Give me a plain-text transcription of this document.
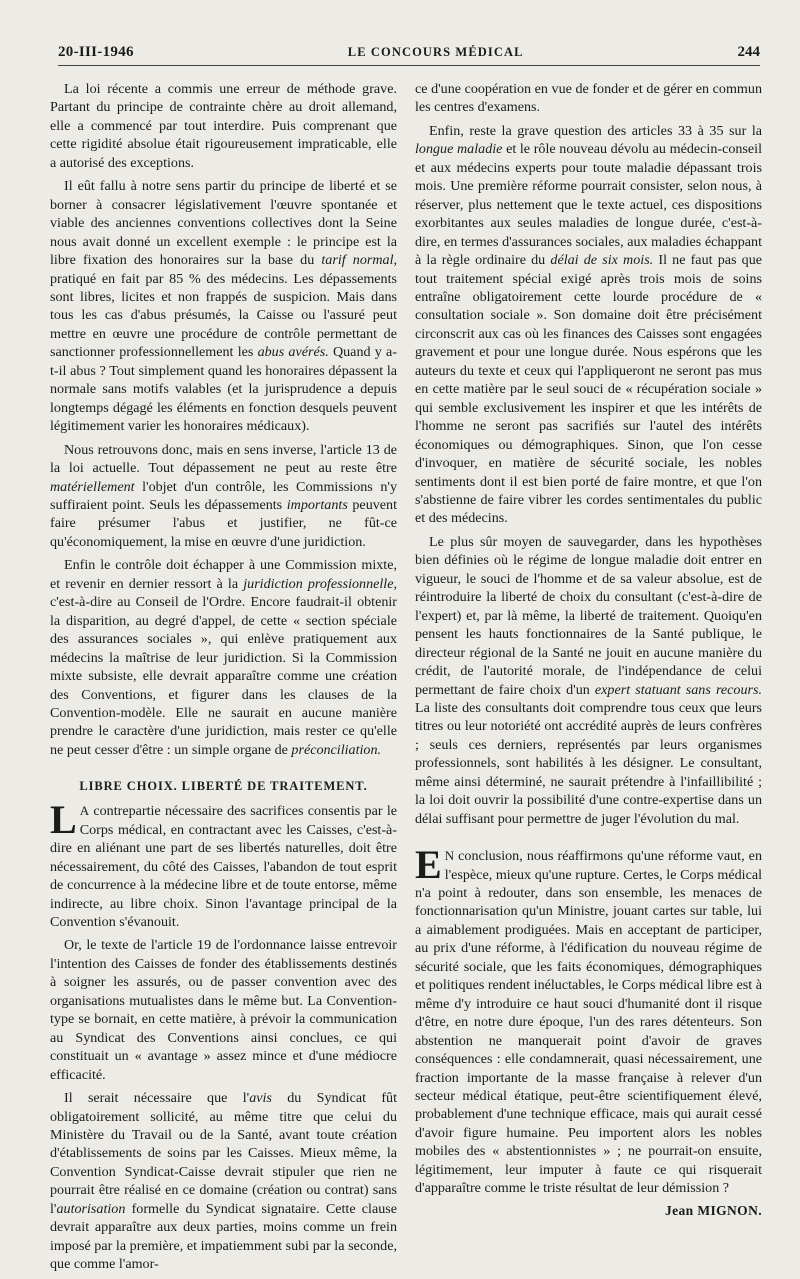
20-III-1946	LE CONCOURS MÉDICAL	244

La loi récente a commis une erreur de méthode grave. Partant du principe de contrainte chère au droit allemand, elle a commencé par tout interdire. Puis comprenant que cette rigidité absolue était rigoureusement impraticable, elle a autorisé des exceptions.

Il eût fallu à notre sens partir du principe de liberté et se borner à consacrer législativement l'œuvre spontanée et viable des anciennes conventions collectives dont la Seine nous avait donné un excellent exemple : le principe est la libre fixation des honoraires sur la base du tarif normal, pratiqué en fait par 85 % des médecins. Les dépassements sont libres, licites et non frappés de suspicion. Mais dans tous les cas d'abus présumés, la Caisse ou l'assuré peut mettre en œuvre une procédure de contrôle permettant de sanctionner professionnellement les abus avérés. Quand y a-t-il abus ? Tout simplement quand les honoraires dépassent la normale sans motifs valables (et la jurisprudence a depuis longtemps dégagé les éléments en fonction desquels peuvent légitimement varier les honoraires médicaux).

Nous retrouvons donc, mais en sens inverse, l'article 13 de la loi actuelle. Tout dépassement ne peut au reste être matériellement l'objet d'un contrôle, les Commissions n'y suffiraient point. Seuls les dépassements importants peuvent faire présumer l'abus et justifier, ne fût-ce qu'économiquement, la mise en œuvre d'une juridiction.

Enfin le contrôle doit échapper à une Commission mixte, et revenir en dernier ressort à la juridiction professionnelle, c'est-à-dire au Conseil de l'Ordre. Encore faudrait-il obtenir la disparition, au degré d'appel, de cette « section spéciale des assurances sociales », qui enlève pratiquement aux médecins la maîtrise de leur juridiction. Si la Commission mixte subsiste, elle devrait apparaître comme une création des Conventions, et figurer dans les clauses de la Convention-modèle. Elle ne saurait en aucune manière prendre le caractère d'une juridiction, mais rester ce qu'elle ne peut cesser d'être : un simple organe de préconciliation.

LIBRE CHOIX. LIBERTÉ DE TRAITEMENT.

L A contrepartie nécessaire des sacrifices consentis par le Corps médical, en contractant avec les Caisses, c'est-à-dire en aliénant une part de ses libertés naturelles, doit être nécessairement, du côté des Caisses, l'abandon de tout esprit de concurrence à la médecine libre et de toute entorse, même indirecte, au libre choix. Sinon l'avantage principal de la Convention s'évanouit.

Or, le texte de l'article 19 de l'ordonnance laisse entrevoir l'intention des Caisses de fonder des établissements destinés à soigner les assurés, ou de passer convention avec des organisations mutualistes dans le même but. La Convention-type se bornait, en cette matière, à prévoir la communication au Syndicat des Conventions ainsi conclues, ce qui constituait un « avantage » assez mince et d'une médiocre efficacité.

Il serait nécessaire que l'avis du Syndicat fût obligatoirement sollicité, au même titre que celui du Ministère du Travail ou de la Santé, avant toute création d'établissements de soins par les Caisses. Mieux même, la Convention Syndicat-Caisse devrait stipuler que rien ne pourrait être réalisé en ce domaine (création ou contrat) sans l'autorisation formelle du Syndicat signataire. Cette clause devrait apparaître aux deux parties, moins comme un frein imposé par la première, et impatiemment subi par la seconde, que comme l'amor-

ce d'une coopération en vue de fonder et de gérer en commun les centres d'examens.

Enfin, reste la grave question des articles 33 à 35 sur la longue maladie et le rôle nouveau dévolu au médecin-conseil et aux médecins experts pour toute maladie dépassant trois mois. Une première réforme pourrait consister, selon nous, à réserver, plus nettement que le texte actuel, ces dispositions exorbitantes aux seules maladies de longue durée, c'est-à-dire, en termes d'assurances sociales, aux maladies échappant à la règle ordinaire du délai de six mois. Il ne faut pas que tout traitement spécial exigé après trois mois de soins entraîne obligatoirement cette lourde procédure de « consultation sociale ». Son domaine doit être précisément circonscrit aux cas où les finances des Caisses sont engagées gravement et pour une longue durée. Nous espérons que les auteurs du texte et ceux qui l'appliqueront ne seront pas mus en cette matière par le seul souci de « récupération sociale » qui semble exclusivement les inspirer et que les intérêts de l'homme ne seront pas sacrifiés sur l'autel des intérêts économiques ou démographiques. Sinon, que l'on cesse d'invoquer, en matière de sécurité sociale, les nobles sentiments dont il est bien porté de faire montre, et que l'on s'abstienne de faire vibrer les cordes sentimentales du public et des médecins.

Le plus sûr moyen de sauvegarder, dans les hypothèses bien définies où le régime de longue maladie doit entrer en vigueur, le souci de l'homme et de sa valeur absolue, est de réintroduire la liberté de choix du consultant (c'est-à-dire de l'expert) et, par là même, la liberté de traitement. Quoiqu'en pensent les hauts fonctionnaires de la Santé publique, le directeur régional de la Santé ne jouit en aucune manière du crédit, de l'autorité morale, de l'indépendance de celui permettant de faire choix d'un expert statuant sans recours. La liste des consultants doit comprendre tous ceux que leurs titres ou leur notoriété ont accrédité auprès de leurs confrères ; seuls ces derniers, représentés par leurs organismes professionnels, sont habilités à les désigner. Le consultant, même ainsi déterminé, ne saurait prétendre à l'infaillibilité ; la loi doit ouvrir la possibilité d'une contre-expertise dans un délai suffisant pour permettre de juger l'évolution du mal.

E N conclusion, nous réaffirmons qu'une réforme vaut, en l'espèce, mieux qu'une rupture. Certes, le Corps médical n'a point à redouter, dans son ensemble, les menaces de fonctionnarisation qu'un Ministre, jouant cartes sur table, lui a aimablement prodiguées. Mais en acceptant de participer, au prix d'une réforme, à l'édification du nouveau régime de sécurité sociale, que les faits économiques, démographiques et politiques rendent inéluctables, le Corps médical libre est à même d'y introduire ce haut souci d'humanité dont il risque d'être, en notre dure époque, l'un des rares détenteurs. Son abstention ne manquerait point d'avoir de graves conséquences : elle condamnerait, quasi nécessairement, une fraction importante de la masse française à relever d'un secteur médical étatique, peut-être scientifiquement élevé, probablement d'une technique efficace, mais qui aurait cessé d'avoir figure humaine. Peu importent alors les nobles mobiles des « abstentionnistes » ; ne pourrait-on ensuite, légitimement, leur imputer à faute ce qui risquerait d'apparaître comme le triste résultat de leur démission ?

Jean MIGNON.
